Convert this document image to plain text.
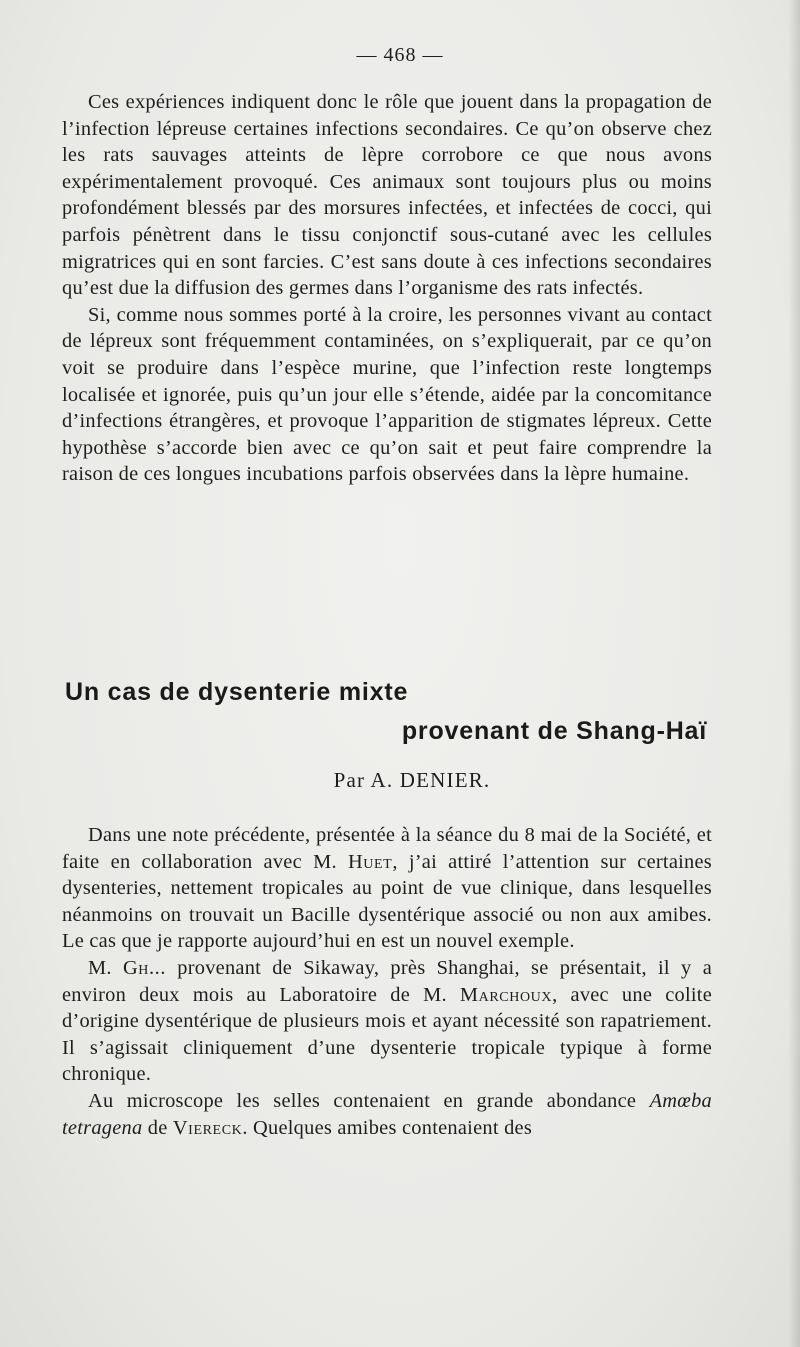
— 468 —

Ces expériences indiquent donc le rôle que jouent dans la propagation de l’infection lépreuse certaines infections secondaires. Ce qu’on observe chez les rats sauvages atteints de lèpre corrobore ce que nous avons expérimentalement provoqué. Ces animaux sont toujours plus ou moins profondément blessés par des morsures infectées, et infectées de cocci, qui parfois pénètrent dans le tissu conjonctif sous-cutané avec les cellules migratrices qui en sont farcies. C’est sans doute à ces infections secondaires qu’est due la diffusion des germes dans l’organisme des rats infectés.

Si, comme nous sommes porté à la croire, les personnes vivant au contact de lépreux sont fréquemment contaminées, on s’expliquerait, par ce qu’on voit se produire dans l’espèce murine, que l’infection reste longtemps localisée et ignorée, puis qu’un jour elle s’étende, aidée par la concomitance d’infections étrangères, et provoque l’apparition de stigmates lépreux. Cette hypothèse s’accorde bien avec ce qu’on sait et peut faire comprendre la raison de ces longues incubations parfois observées dans la lèpre humaine.

Un cas de dysenterie mixte
provenant de Shang-Haï
Par A. DENIER.

Dans une note précédente, présentée à la séance du 8 mai de la Société, et faite en collaboration avec M. Huet, j’ai attiré l’attention sur certaines dysenteries, nettement tropicales au point de vue clinique, dans lesquelles néanmoins on trouvait un Bacille dysentérique associé ou non aux amibes. Le cas que je rapporte aujourd’hui en est un nouvel exemple.

M. Gh... provenant de Sikaway, près Shanghai, se présentait, il y a environ deux mois au Laboratoire de M. Marchoux, avec une colite d’origine dysentérique de plusieurs mois et ayant nécessité son rapatriement. Il s’agissait cliniquement d’une dysenterie tropicale typique à forme chronique.

Au microscope les selles contenaient en grande abondance Amœba tetragena de Viereck. Quelques amibes contenaient des
